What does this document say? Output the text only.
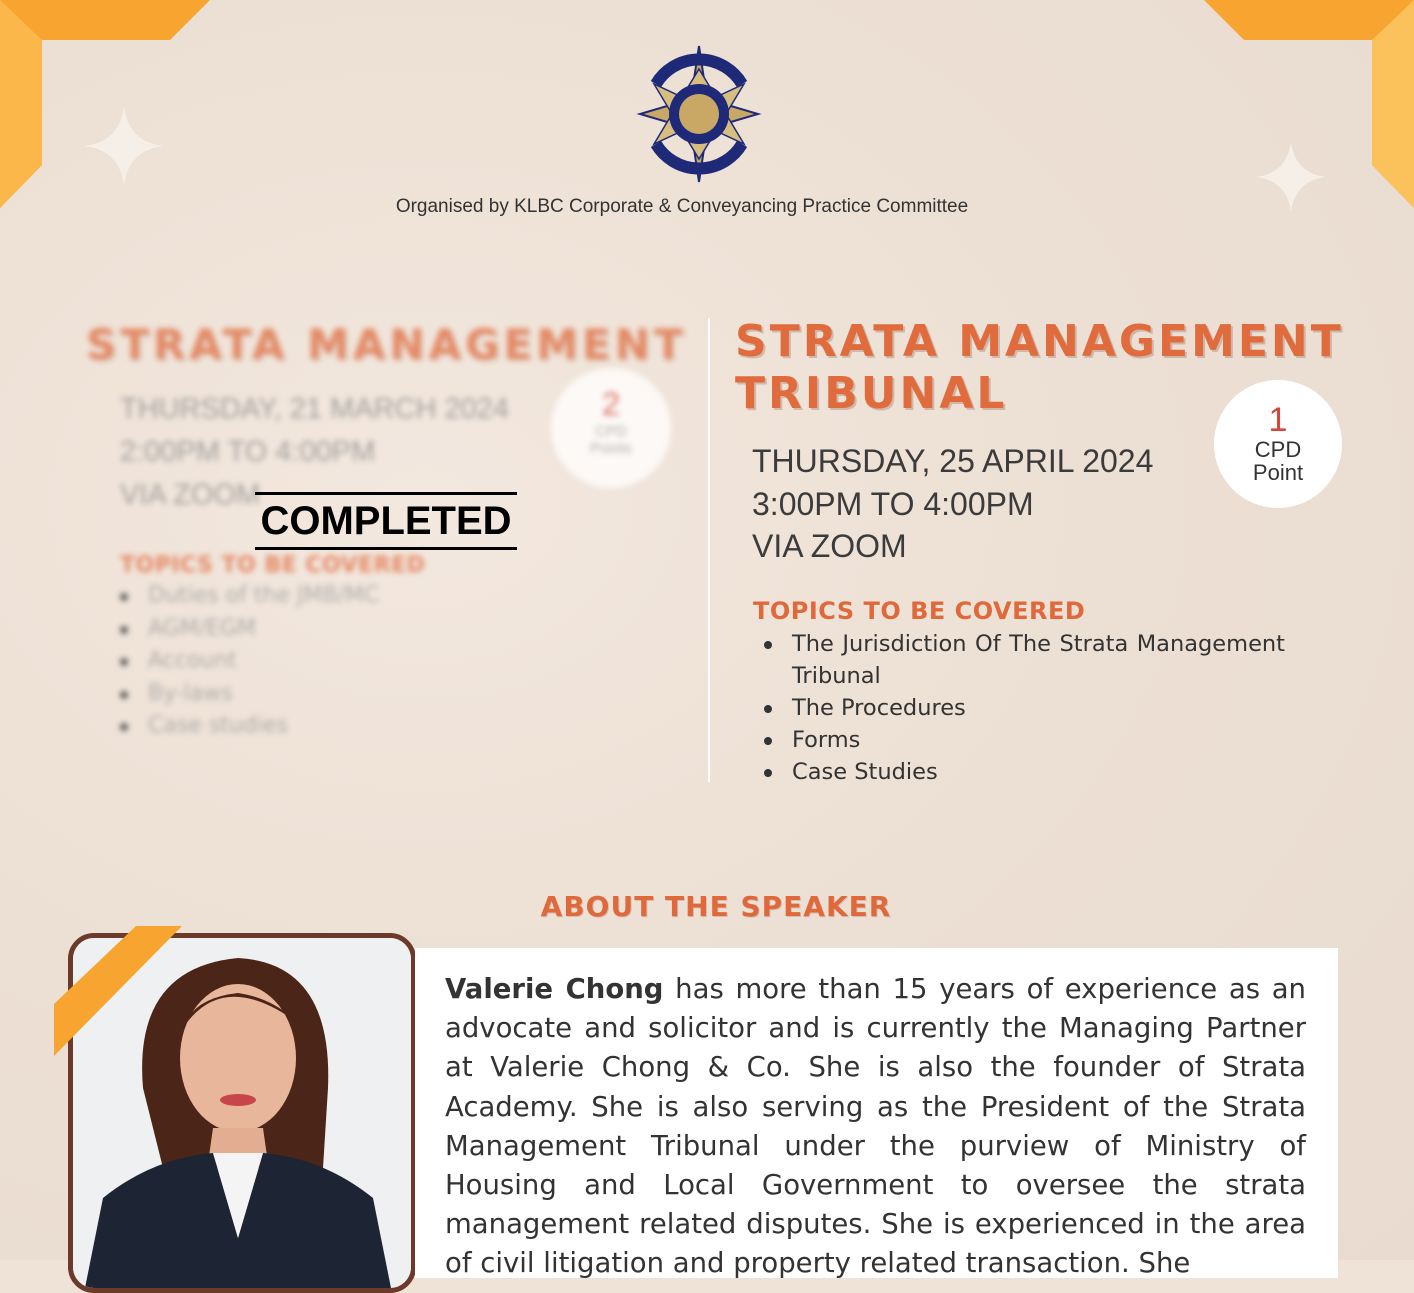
Organised by KLBC Corporate & Conveyancing Practice Committee
STRATA MANAGEMENT
THURSDAY, 21 MARCH 2024
2:00PM TO 4:00PM
VIA ZOOM
2
CPD Points
TOPICS TO BE COVERED
Duties of the JMB/MC
AGM/EGM
Account
By-laws
Case studies
COMPLETED
STRATA MANAGEMENT
TRIBUNAL
THURSDAY, 25 APRIL 2024
3:00PM TO 4:00PM
VIA ZOOM
1
CPD
Point
TOPICS TO BE COVERED
The Jurisdiction Of The Strata Management Tribunal
The Procedures
Forms
Case Studies
ABOUT THE SPEAKER
Valerie Chong has more than 15 years of experience as an advocate and solicitor and is currently the Managing Partner at Valerie Chong & Co. She is also the founder of Strata Academy. She is also serving as the President of the Strata Management Tribunal under the purview of Ministry of Housing and Local Government to oversee the strata management related disputes. She is experienced in the area of civil litigation and property related transaction. She
